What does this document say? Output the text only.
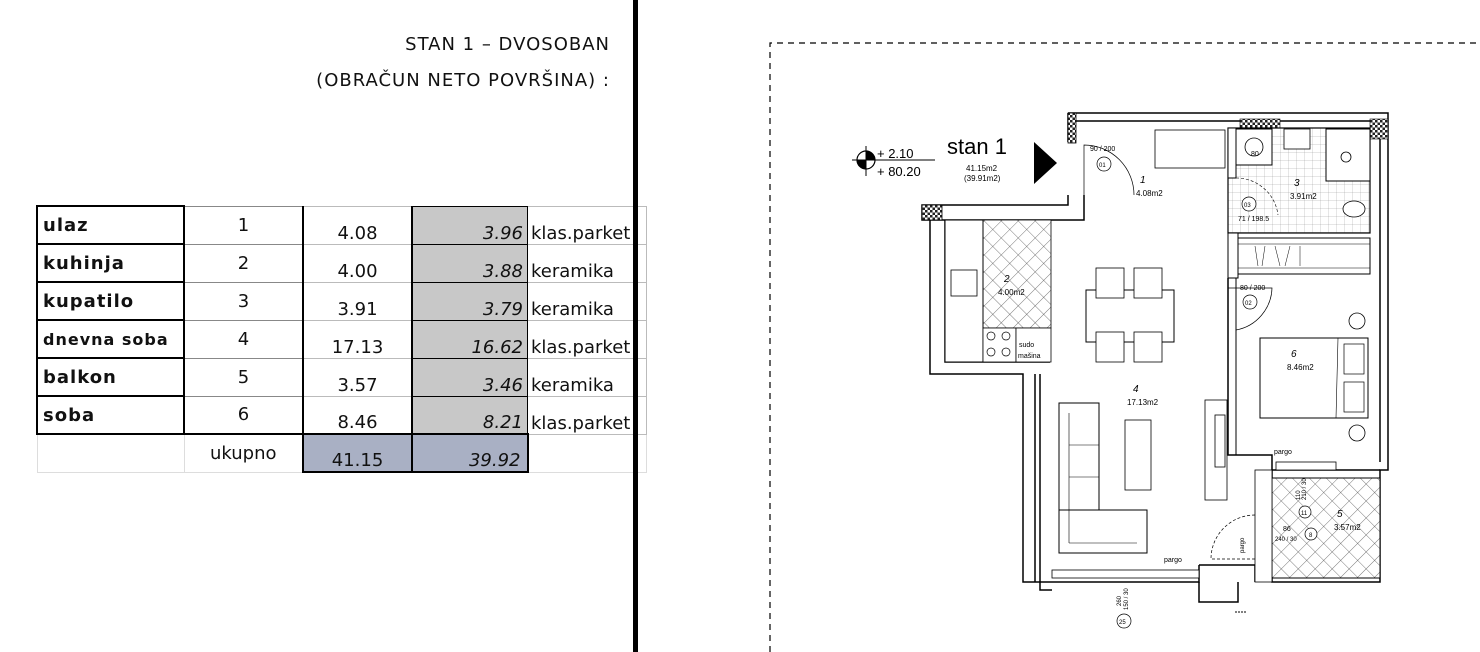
STAN 1 – DVOSOBAN
(OBRAČUN NETO POVRŠINA) :
ulaz	1	4.08	3.96	klas.parket
kuhinja	2	4.00	3.88	keramika
kupatilo	3	3.91	3.79	keramika
dnevna soba	4	17.13	16.62	klas.parket
balkon	5	3.57	3.46	keramika
soba	6	8.46	8.21	klas.parket
	ukupno	41.15	39.92	
+ 2.10
+ 80.20
stan 1
41.15m2
(39.91m2)
80
3
3.91m2
03
71 / 198.5
90 / 200
01
1
4.08m2
sudo
mašina
2
4.00m2
4
17.13m2
80 / 200
02
6
8.46m2
pargo
5
3.57m2
11
8
110 210 / 30
86
240 / 30
pargo
pargo
260 150 / 30
25
